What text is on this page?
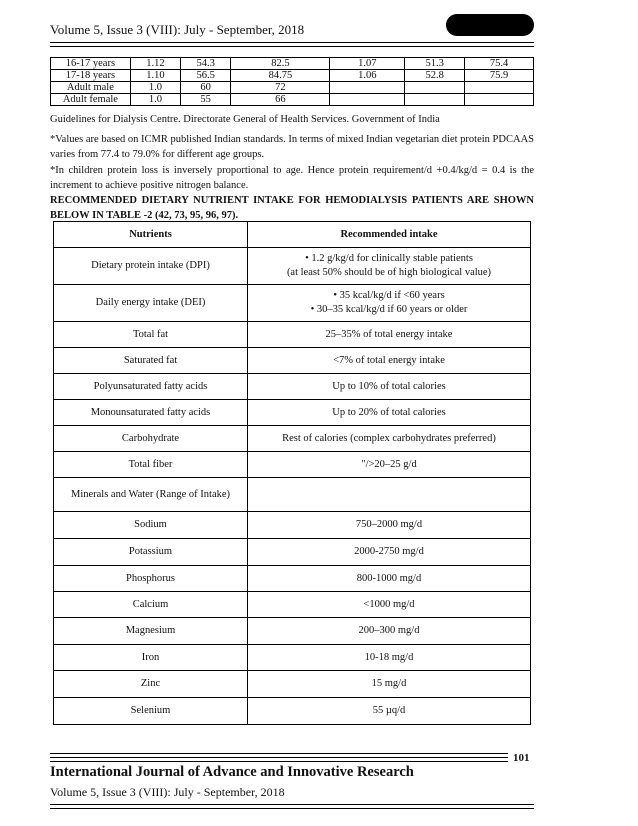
Volume 5, Issue 3 (VIII): July - September, 2018
16-17 years	1.12	54.3	82.5	1.07	51.3	75.4
17-18 years	1.10	56.5	84.75	1.06	52.8	75.9
Adult male	1.0	60	72			
Adult female	1.0	55	66			
Guidelines for Dialysis Centre. Directorate General of Health Services. Government of India
*Values are based on ICMR published Indian standards. In terms of mixed Indian vegetarian diet protein PDCAAS varies from 77.4 to 79.0% for different age groups.
*In children protein loss is inversely proportional to age. Hence protein requirement/d +0.4/kg/d = 0.4 is the increment to achieve positive nitrogen balance.
RECOMMENDED DIETARY NUTRIENT INTAKE FOR HEMODIALYSIS PATIENTS ARE SHOWN BELOW IN TABLE -2 (42, 73, 95, 96, 97).
Nutrients	Recommended intake
Dietary protein intake (DPI)	• 1.2 g/kg/d for clinically stable patients
(at least 50% should be of high biological value)

Daily energy intake (DEI)	• 35 kcal/kg/d if <60 years
• 30–35 kcal/kg/d if 60 years or older

Total fat	25–35% of total energy intake

Saturated fat	<7% of total energy intake

Polyunsaturated fatty acids	Up to 10% of total calories

Monounsaturated fatty acids	Up to 20% of total calories

Carbohydrate	Rest of calories (complex carbohydrates preferred)

Total fiber	"/>20–25 g/d

Minerals and Water (Range of Intake)	

Sodium	750–2000 mg/d

Potassium	2000-2750 mg/d

Phosphorus	800-1000 mg/d

Calcium	<1000 mg/d

Magnesium	200–300 mg/d

Iron	10-18 mg/d

Zinc	15 mg/d

Selenium	55 µq/d
101
International Journal of Advance and Innovative Research
Volume 5, Issue 3 (VIII): July - September, 2018
